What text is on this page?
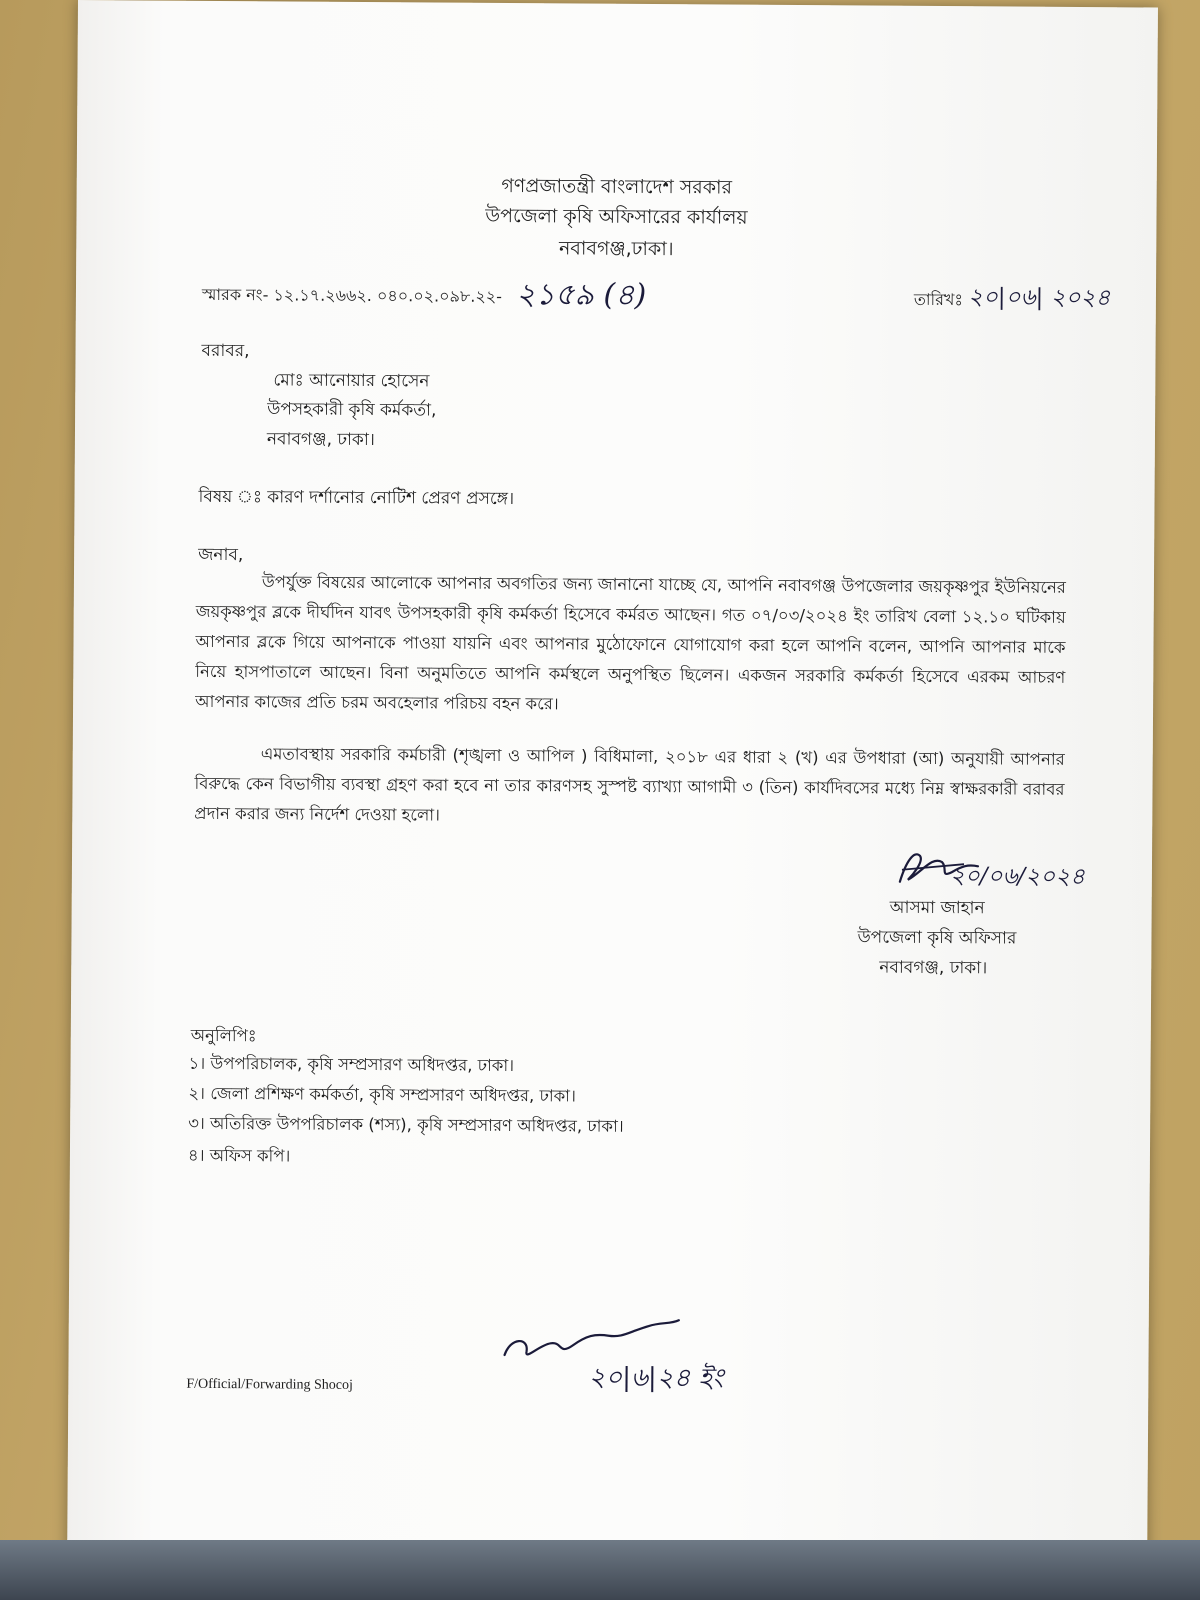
গণপ্রজাতন্ত্রী বাংলাদেশ সরকার
উপজেলা কৃষি অফিসারের কার্যালয়
নবাবগঞ্জ,ঢাকা।
স্মারক নং- ১২.১৭.২৬৬২. ০৪০.০২.০৯৮.২২- ২১৫৯ (৪)	তারিখঃ ২০|০৬| ২০২৪
বরাবর,
মোঃ আনোয়ার হোসেন
উপসহকারী কৃষি কর্মকর্তা,
নবাবগঞ্জ, ঢাকা।
বিষয় ঃ কারণ দর্শানোর নোটিশ প্রেরণ প্রসঙ্গে।
জনাব,
উপর্যুক্ত বিষয়ের আলোকে আপনার অবগতির জন্য জানানো যাচ্ছে যে, আপনি নবাবগঞ্জ উপজেলার জয়কৃষ্ণপুর ইউনিয়নের জয়কৃষ্ণপুর ব্লকে দীর্ঘদিন যাবৎ উপসহকারী কৃষি কর্মকর্তা হিসেবে কর্মরত আছেন। গত ০৭/০৩/২০২৪ ইং তারিখ বেলা ১২.১০ ঘটিকায় আপনার ব্লকে গিয়ে আপনাকে পাওয়া যায়নি এবং আপনার মুঠোফোনে যোগাযোগ করা হলে আপনি বলেন, আপনি আপনার মাকে নিয়ে হাসপাতালে আছেন। বিনা অনুমতিতে আপনি কর্মস্থলে অনুপস্থিত ছিলেন। একজন সরকারি কর্মকর্তা হিসেবে এরকম আচরণ আপনার কাজের প্রতি চরম অবহেলার পরিচয় বহন করে।
এমতাবস্থায় সরকারি কর্মচারী (শৃঙ্খলা ও আপিল ) বিধিমালা, ২০১৮ এর ধারা ২ (খ) এর উপধারা (আ) অনুযায়ী আপনার বিরুদ্ধে কেন বিভাগীয় ব্যবস্থা গ্রহণ করা হবে না তার কারণসহ সুস্পষ্ট ব্যাখ্যা আগামী ৩ (তিন) কার্যদিবসের মধ্যে নিম্ন স্বাক্ষরকারী বরাবর প্রদান করার জন্য নির্দেশ দেওয়া হলো।
২০/০৬/২০২৪
আসমা জাহান
উপজেলা কৃষি অফিসার
নবাবগঞ্জ, ঢাকা।
অনুলিপিঃ
১। উপপরিচালক, কৃষি সম্প্রসারণ অধিদপ্তর, ঢাকা।
২। জেলা প্রশিক্ষণ কর্মকর্তা, কৃষি সম্প্রসারণ অধিদপ্তর, ঢাকা।
৩। অতিরিক্ত উপপরিচালক (শস্য), কৃষি সম্প্রসারণ অধিদপ্তর, ঢাকা।
৪। অফিস কপি।
F/Official/Forwarding Shocoj	২০|৬|২৪ ইং
